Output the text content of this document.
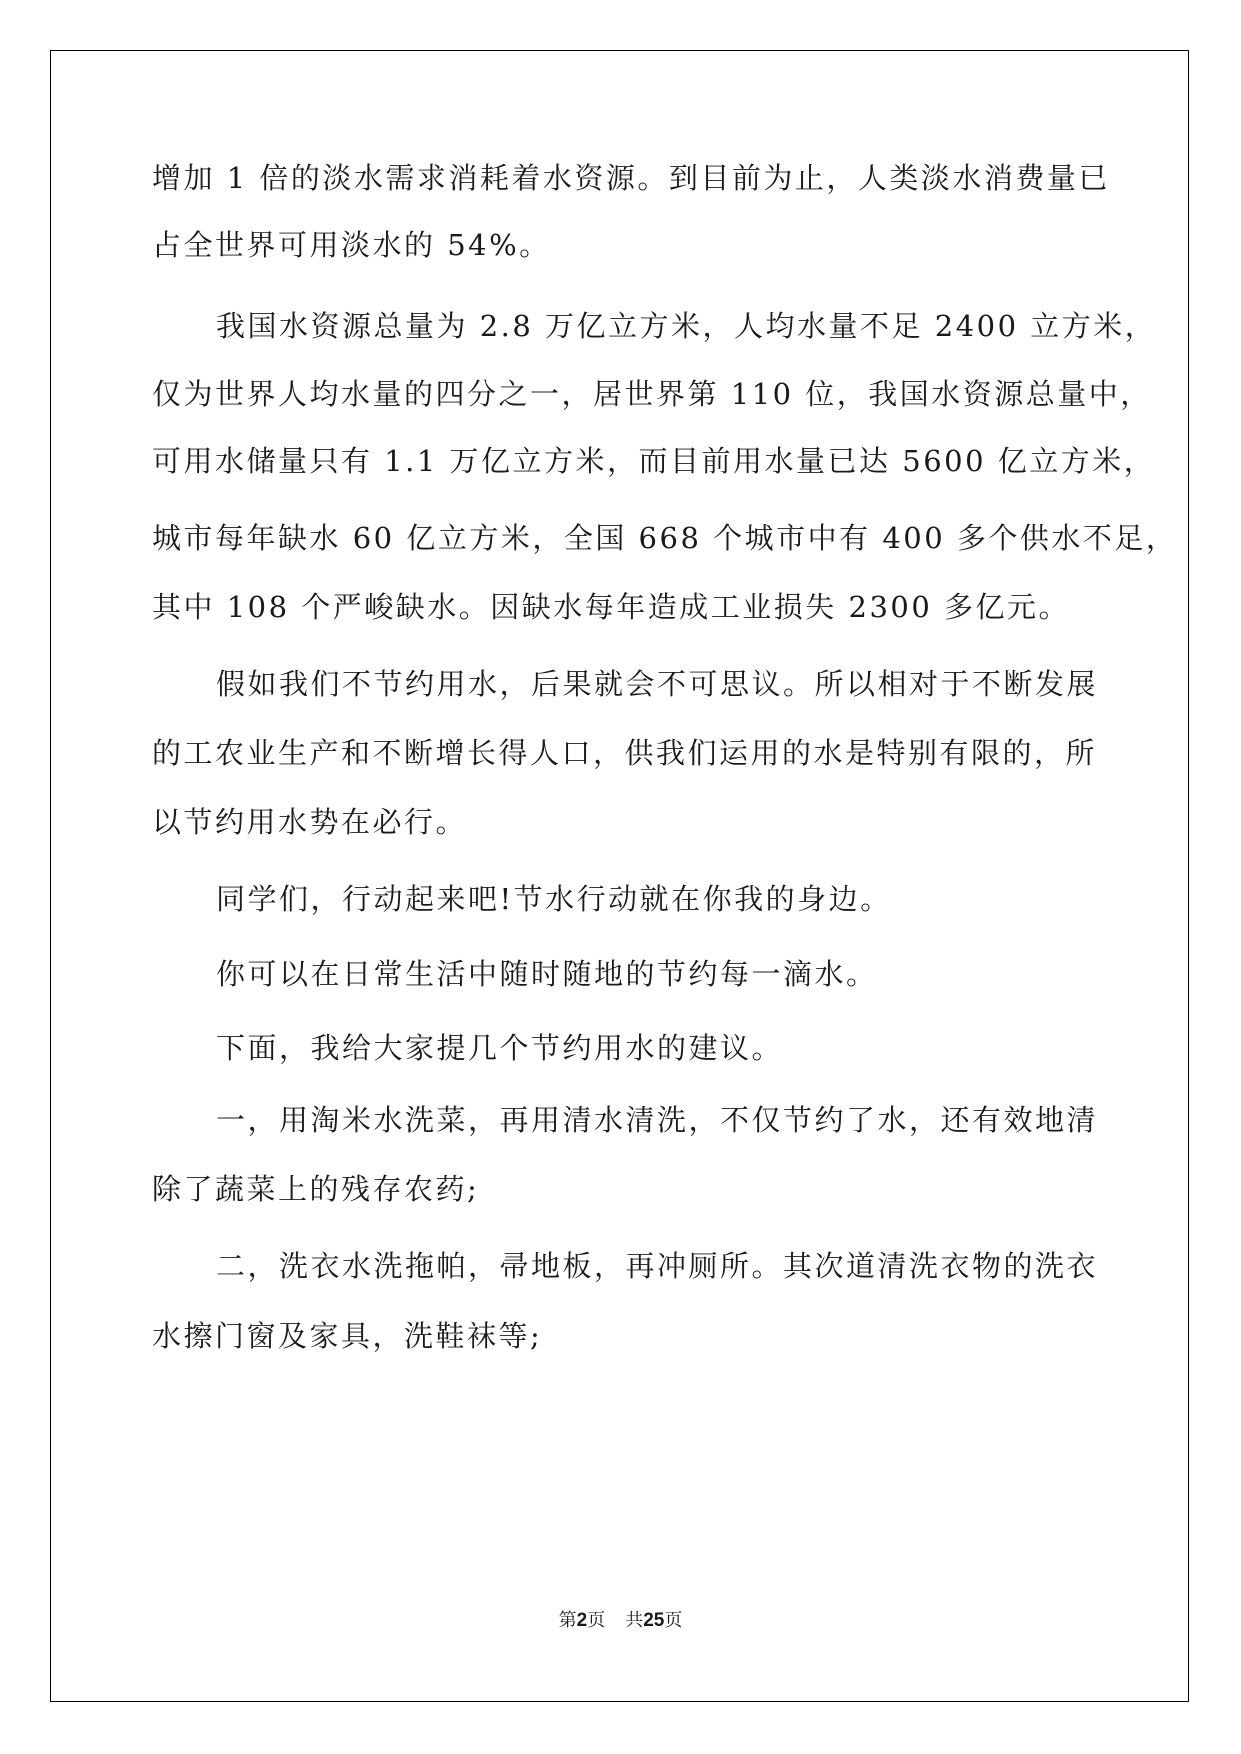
增加 1 倍的淡水需求消耗着水资源。到目前为止，人类淡水消费量已
占全世界可用淡水的 54%。
我国水资源总量为 2.8 万亿立方米，人均水量不足 2400 立方米，
仅为世界人均水量的四分之一，居世界第 110 位，我国水资源总量中，
可用水储量只有 1.1 万亿立方米，而目前用水量已达 5600 亿立方米，
城市每年缺水 60 亿立方米，全国 668 个城市中有 400 多个供水不足，
其中 108 个严峻缺水。因缺水每年造成工业损失 2300 多亿元。
假如我们不节约用水，后果就会不可思议。所以相对于不断发展
的工农业生产和不断增长得人口，供我们运用的水是特别有限的，所
以节约用水势在必行。
同学们，行动起来吧!节水行动就在你我的身边。
你可以在日常生活中随时随地的节约每一滴水。
下面，我给大家提几个节约用水的建议。
一，用淘米水洗菜，再用清水清洗，不仅节约了水，还有效地清
除了蔬菜上的残存农药;
二，洗衣水洗拖帕，帚地板，再冲厕所。其次道清洗衣物的洗衣
水擦门窗及家具，洗鞋袜等;
第2页 共25页
